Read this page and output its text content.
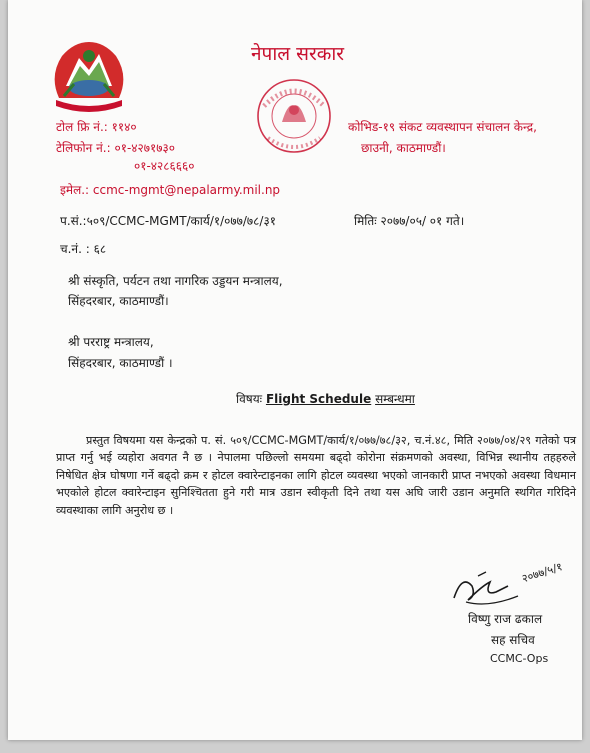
नेपाल सरकार
टोल फ्रि नं.: ११४०
टेलिफोन नं.: ०१-४२७१७३०
०१-४२८६६६०
इमेल.: ccmc-mgmt@nepalarmy.mil.np
कोभिड-१९ संकट व्यवस्थापन संचालन केन्द्र,
छाउनी, काठमाण्डौं।
प.सं.:५०९/CCMC-MGMT/कार्य/१/०७७/७८/३१	मितिः २०७७/०५/ ०१ गते।
च.नं. : ६८
श्री संस्कृति, पर्यटन तथा नागरिक उड्डयन मन्त्रालय,
सिंहदरबार, काठमाण्डौं।
श्री परराष्ट्र मन्त्रालय,
सिंहदरबार, काठमाण्डौं ।
विषयः Flight Schedule सम्बन्धमा
प्रस्तुत विषयमा यस केन्द्रको प. सं. ५०९/CCMC-MGMT/कार्य/१/०७७/७८/३२, च.नं.४८, मिति २०७७/०४/२९ गतेको पत्र प्राप्त गर्नु भई व्यहोरा अवगत नै छ । नेपालमा पछिल्लो समयमा बढ्दो कोरोना संक्रमणको अवस्था, विभिन्न स्थानीय तहहरुले निषेधित क्षेत्र घोषणा गर्ने बढ्दो क्रम र होटल क्वारेन्टाइनका लागि होटल व्यवस्था भएको जानकारी प्राप्त नभएको अवस्था विधमान भएकोले होटल क्वारेन्टाइन सुनिश्चितता हुने गरी मात्र उडान स्वीकृती दिने तथा यस अघि जारी उडान अनुमति स्थगित गरिदिने व्यवस्थाका लागि अनुरोध छ ।
२०७७/५/१
विष्णु राज ढकाल
सह सचिव
CCMC-Ops
